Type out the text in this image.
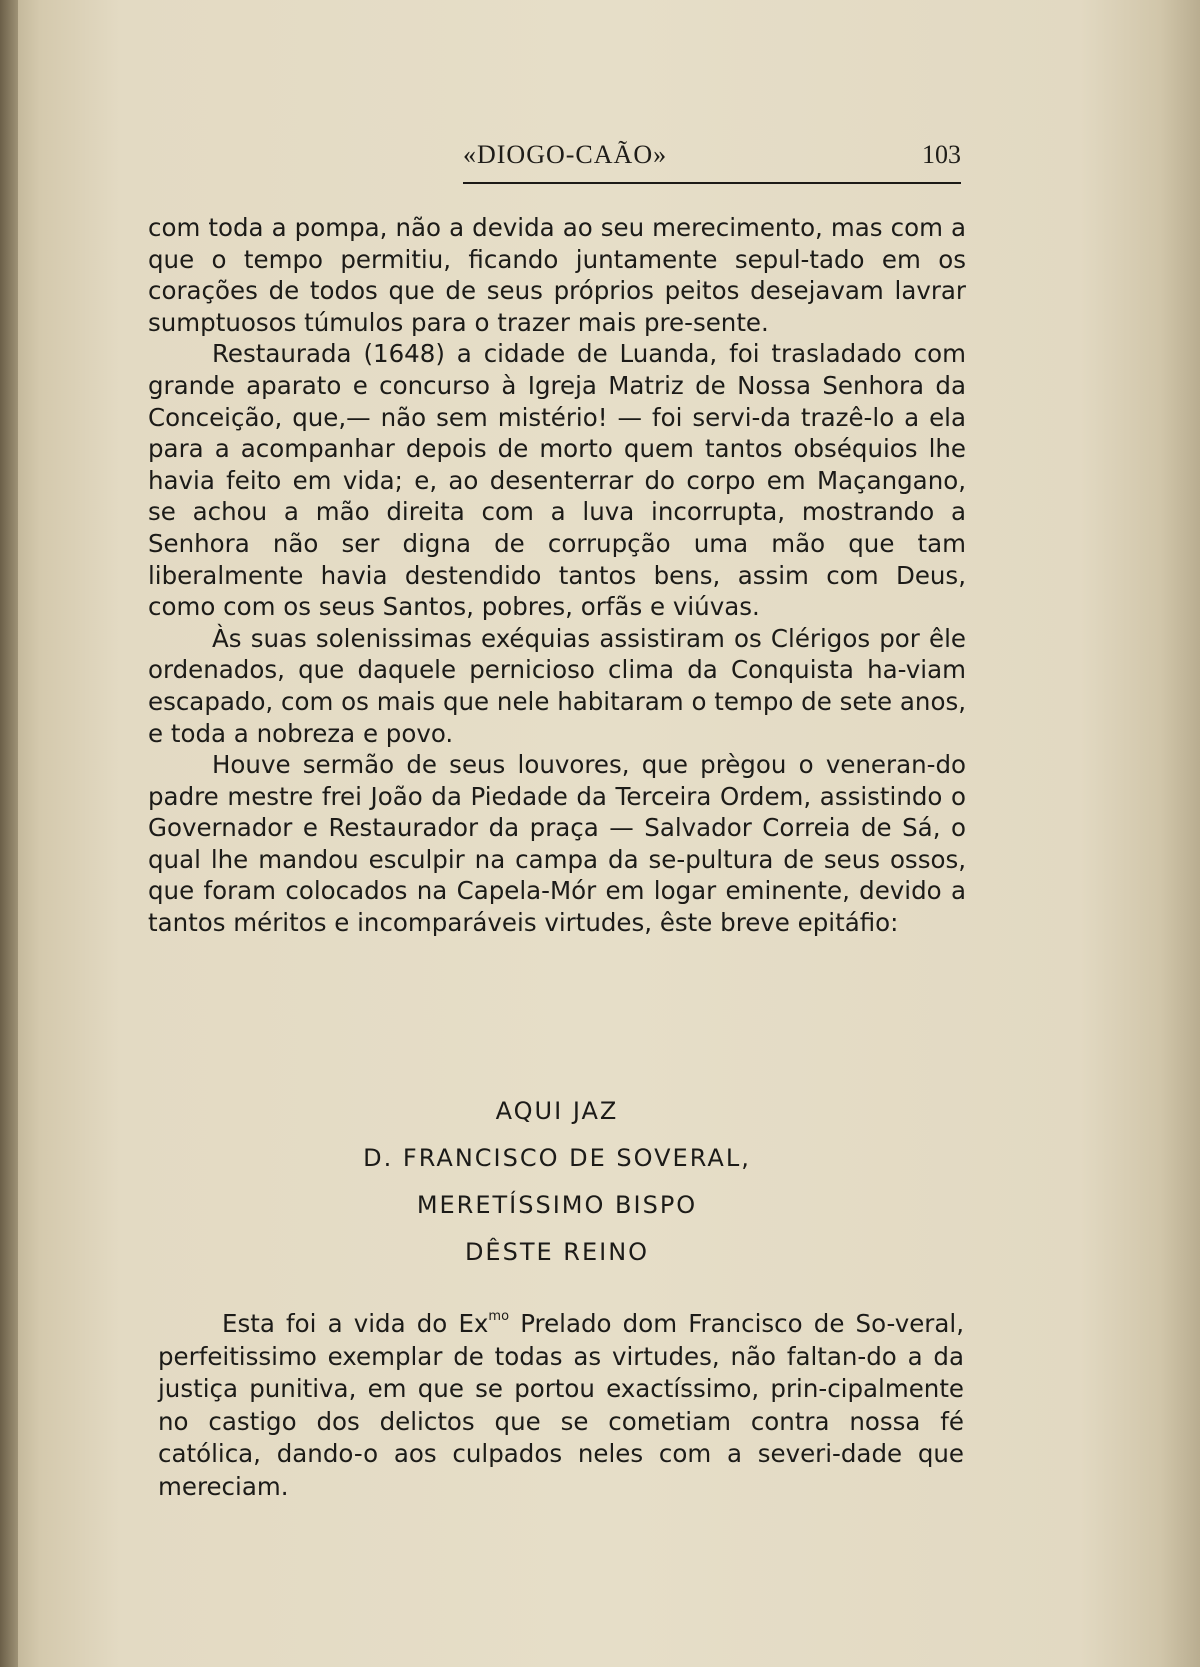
«DIOGO-CAÃO»	103

com toda a pompa, não a devida ao seu merecimento, mas com a que o tempo permitiu, ficando juntamente sepul-tado em os corações de todos que de seus próprios peitos desejavam lavrar sumptuosos túmulos para o trazer mais pre-sente.

Restaurada (1648) a cidade de Luanda, foi trasladado com grande aparato e concurso à Igreja Matriz de Nossa Senhora da Conceição, que,— não sem mistério! — foi servi-da trazê-lo a ela para a acompanhar depois de morto quem tantos obséquios lhe havia feito em vida; e, ao desenterrar do corpo em Maçangano, se achou a mão direita com a luva incorrupta, mostrando a Senhora não ser digna de corrupção uma mão que tam liberalmente havia destendido tantos bens, assim com Deus, como com os seus Santos, pobres, orfãs e viúvas.

Às suas solenissimas exéquias assistiram os Clérigos por êle ordenados, que daquele pernicioso clima da Conquista ha-viam escapado, com os mais que nele habitaram o tempo de sete anos, e toda a nobreza e povo.

Houve sermão de seus louvores, que prègou o veneran-do padre mestre frei João da Piedade da Terceira Ordem, assistindo o Governador e Restaurador da praça — Salvador Correia de Sá, o qual lhe mandou esculpir na campa da se-pultura de seus ossos, que foram colocados na Capela-Mór em logar eminente, devido a tantos méritos e incomparáveis virtudes, êste breve epitáfio:

AQUI JAZ
D. FRANCISCO DE SOVERAL,
MERETÍSSIMO BISPO
DÊSTE REINO

Esta foi a vida do $Ex^{mo}$ Prelado dom Francisco de So-veral, perfeitissimo exemplar de todas as virtudes, não faltan-do a da justiça punitiva, em que se portou exactíssimo, prin-cipalmente no castigo dos delictos que se cometiam contra nossa fé católica, dando-o aos culpados neles com a severi-dade que mereciam.
